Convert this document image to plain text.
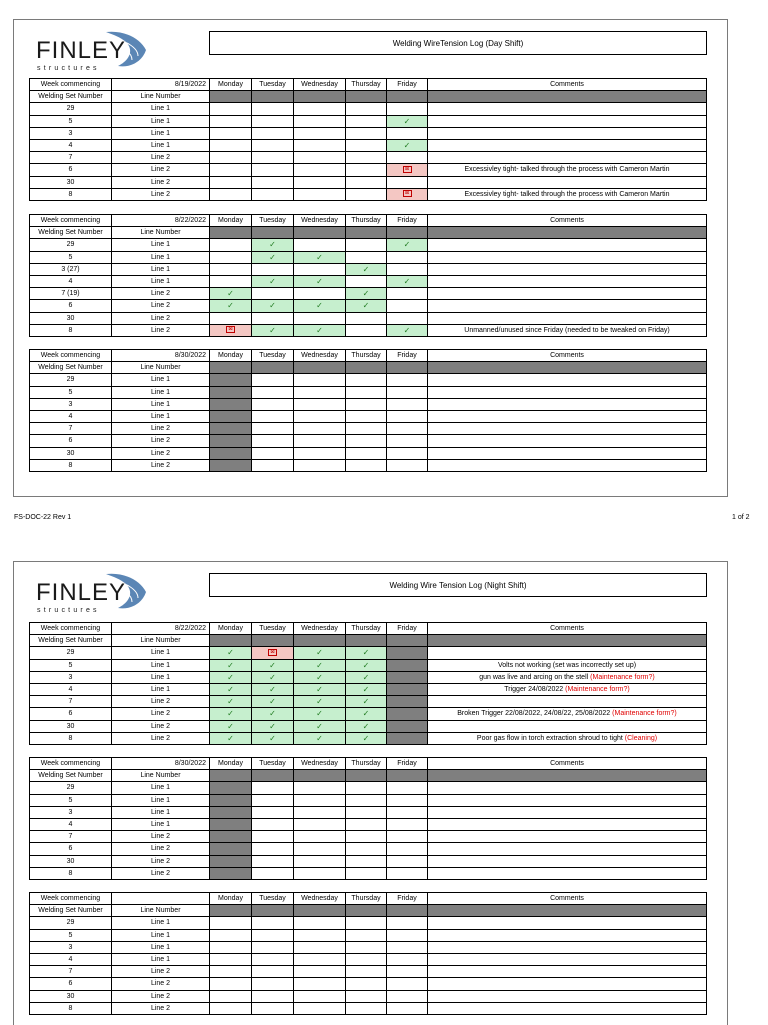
FINLEY
structures
Welding WireTension Log (Day Shift)
Week commencing	8/19/2022	Monday	Tuesday	Wednesday	Thursday	Friday	Comments
Welding Set Number	Line Number						
29	Line 1						
5	Line 1					✓	
3	Line 1						
4	Line 1					✓	
7	Line 2						
6	Line 2					⊠	Excessivley tight- talked through the process with Cameron Martin
30	Line 2						
8	Line 2					⊠	Excessivley tight- talked through the process with Cameron Martin
Week commencing	8/22/2022	Monday	Tuesday	Wednesday	Thursday	Friday	Comments
Welding Set Number	Line Number						
29	Line 1		✓			✓	
5	Line 1		✓	✓			
3 (27)	Line 1				✓		
4	Line 1		✓	✓		✓	
7 (19)	Line 2	✓			✓		
6	Line 2	✓	✓	✓	✓		
30	Line 2						
8	Line 2	⊠	✓	✓		✓	Unmanned/unused since Friday (needed to be tweaked on Friday)
Week commencing	8/30/2022	Monday	Tuesday	Wednesday	Thursday	Friday	Comments
Welding Set Number	Line Number						
29	Line 1						
5	Line 1						
3	Line 1						
4	Line 1						
7	Line 2						
6	Line 2						
30	Line 2						
8	Line 2						
FS-DOC-22 Rev 1	1 of 2
FINLEY
structures
Welding Wire Tension Log (Night Shift)
Week commencing	8/22/2022	Monday	Tuesday	Wednesday	Thursday	Friday	Comments
Welding Set Number	Line Number						
29	Line 1	✓	⊠	✓	✓		
5	Line 1	✓	✓	✓	✓		Volts not working (set was incorrectly set up)
3	Line 1	✓	✓	✓	✓		gun was live and arcing on the stell (Maintenance form?)
4	Line 1	✓	✓	✓	✓		Trigger 24/08/2022 (Maintenance form?)
7	Line 2	✓	✓	✓	✓		
6	Line 2	✓	✓	✓	✓		Broken Trigger 22/08/2022, 24/08/22, 25/08/2022 (Maintenance form?)
30	Line 2	✓	✓	✓	✓		
8	Line 2	✓	✓	✓	✓		Poor gas flow in torch extraction shroud to tight (Cleaning)
Week commencing	8/30/2022	Monday	Tuesday	Wednesday	Thursday	Friday	Comments
Welding Set Number	Line Number						
29	Line 1						
5	Line 1						
3	Line 1						
4	Line 1						
7	Line 2						
6	Line 2						
30	Line 2						
8	Line 2						
Week commencing		Monday	Tuesday	Wednesday	Thursday	Friday	Comments
Welding Set Number	Line Number						
29	Line 1						
5	Line 1						
3	Line 1						
4	Line 1						
7	Line 2						
6	Line 2						
30	Line 2						
8	Line 2						
